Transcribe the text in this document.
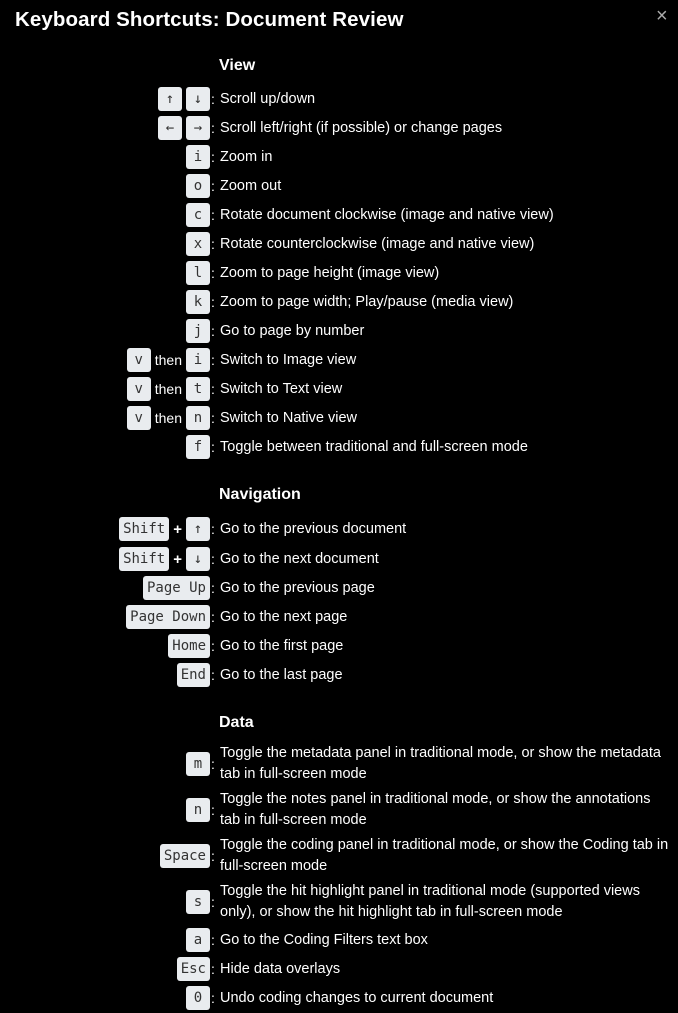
Keyboard Shortcuts: Document Review	×
View
↑	↓ : Scroll up/down
←	→ : Scroll left/right (if possible) or change pages
i : Zoom in
o : Zoom out
c : Rotate document clockwise (image and native view)
x : Rotate counterclockwise (image and native view)
l : Zoom to page height (image view)
k : Zoom to page width; Play/pause (media view)
j : Go to page by number
v then i : Switch to Image view
v then t : Switch to Text view
v then n : Switch to Native view
f : Toggle between traditional and full-screen mode
Navigation
Shift + ↑ : Go to the previous document
Shift + ↓ : Go to the next document
Page Up : Go to the previous page
Page Down : Go to the next page
Home : Go to the first page
End : Go to the last page
Data
m :
Toggle the metadata panel in traditional mode, or show the metadata tab in full-screen mode
n :
Toggle the notes panel in traditional mode, or show the annotations tab in full-screen mode
Space :
Toggle the coding panel in traditional mode, or show the Coding tab in full-screen mode
s :
Toggle the hit highlight panel in traditional mode (supported views only), or show the hit highlight tab in full-screen mode
a : Go to the Coding Filters text box
Esc : Hide data overlays
0 : Undo coding changes to current document
